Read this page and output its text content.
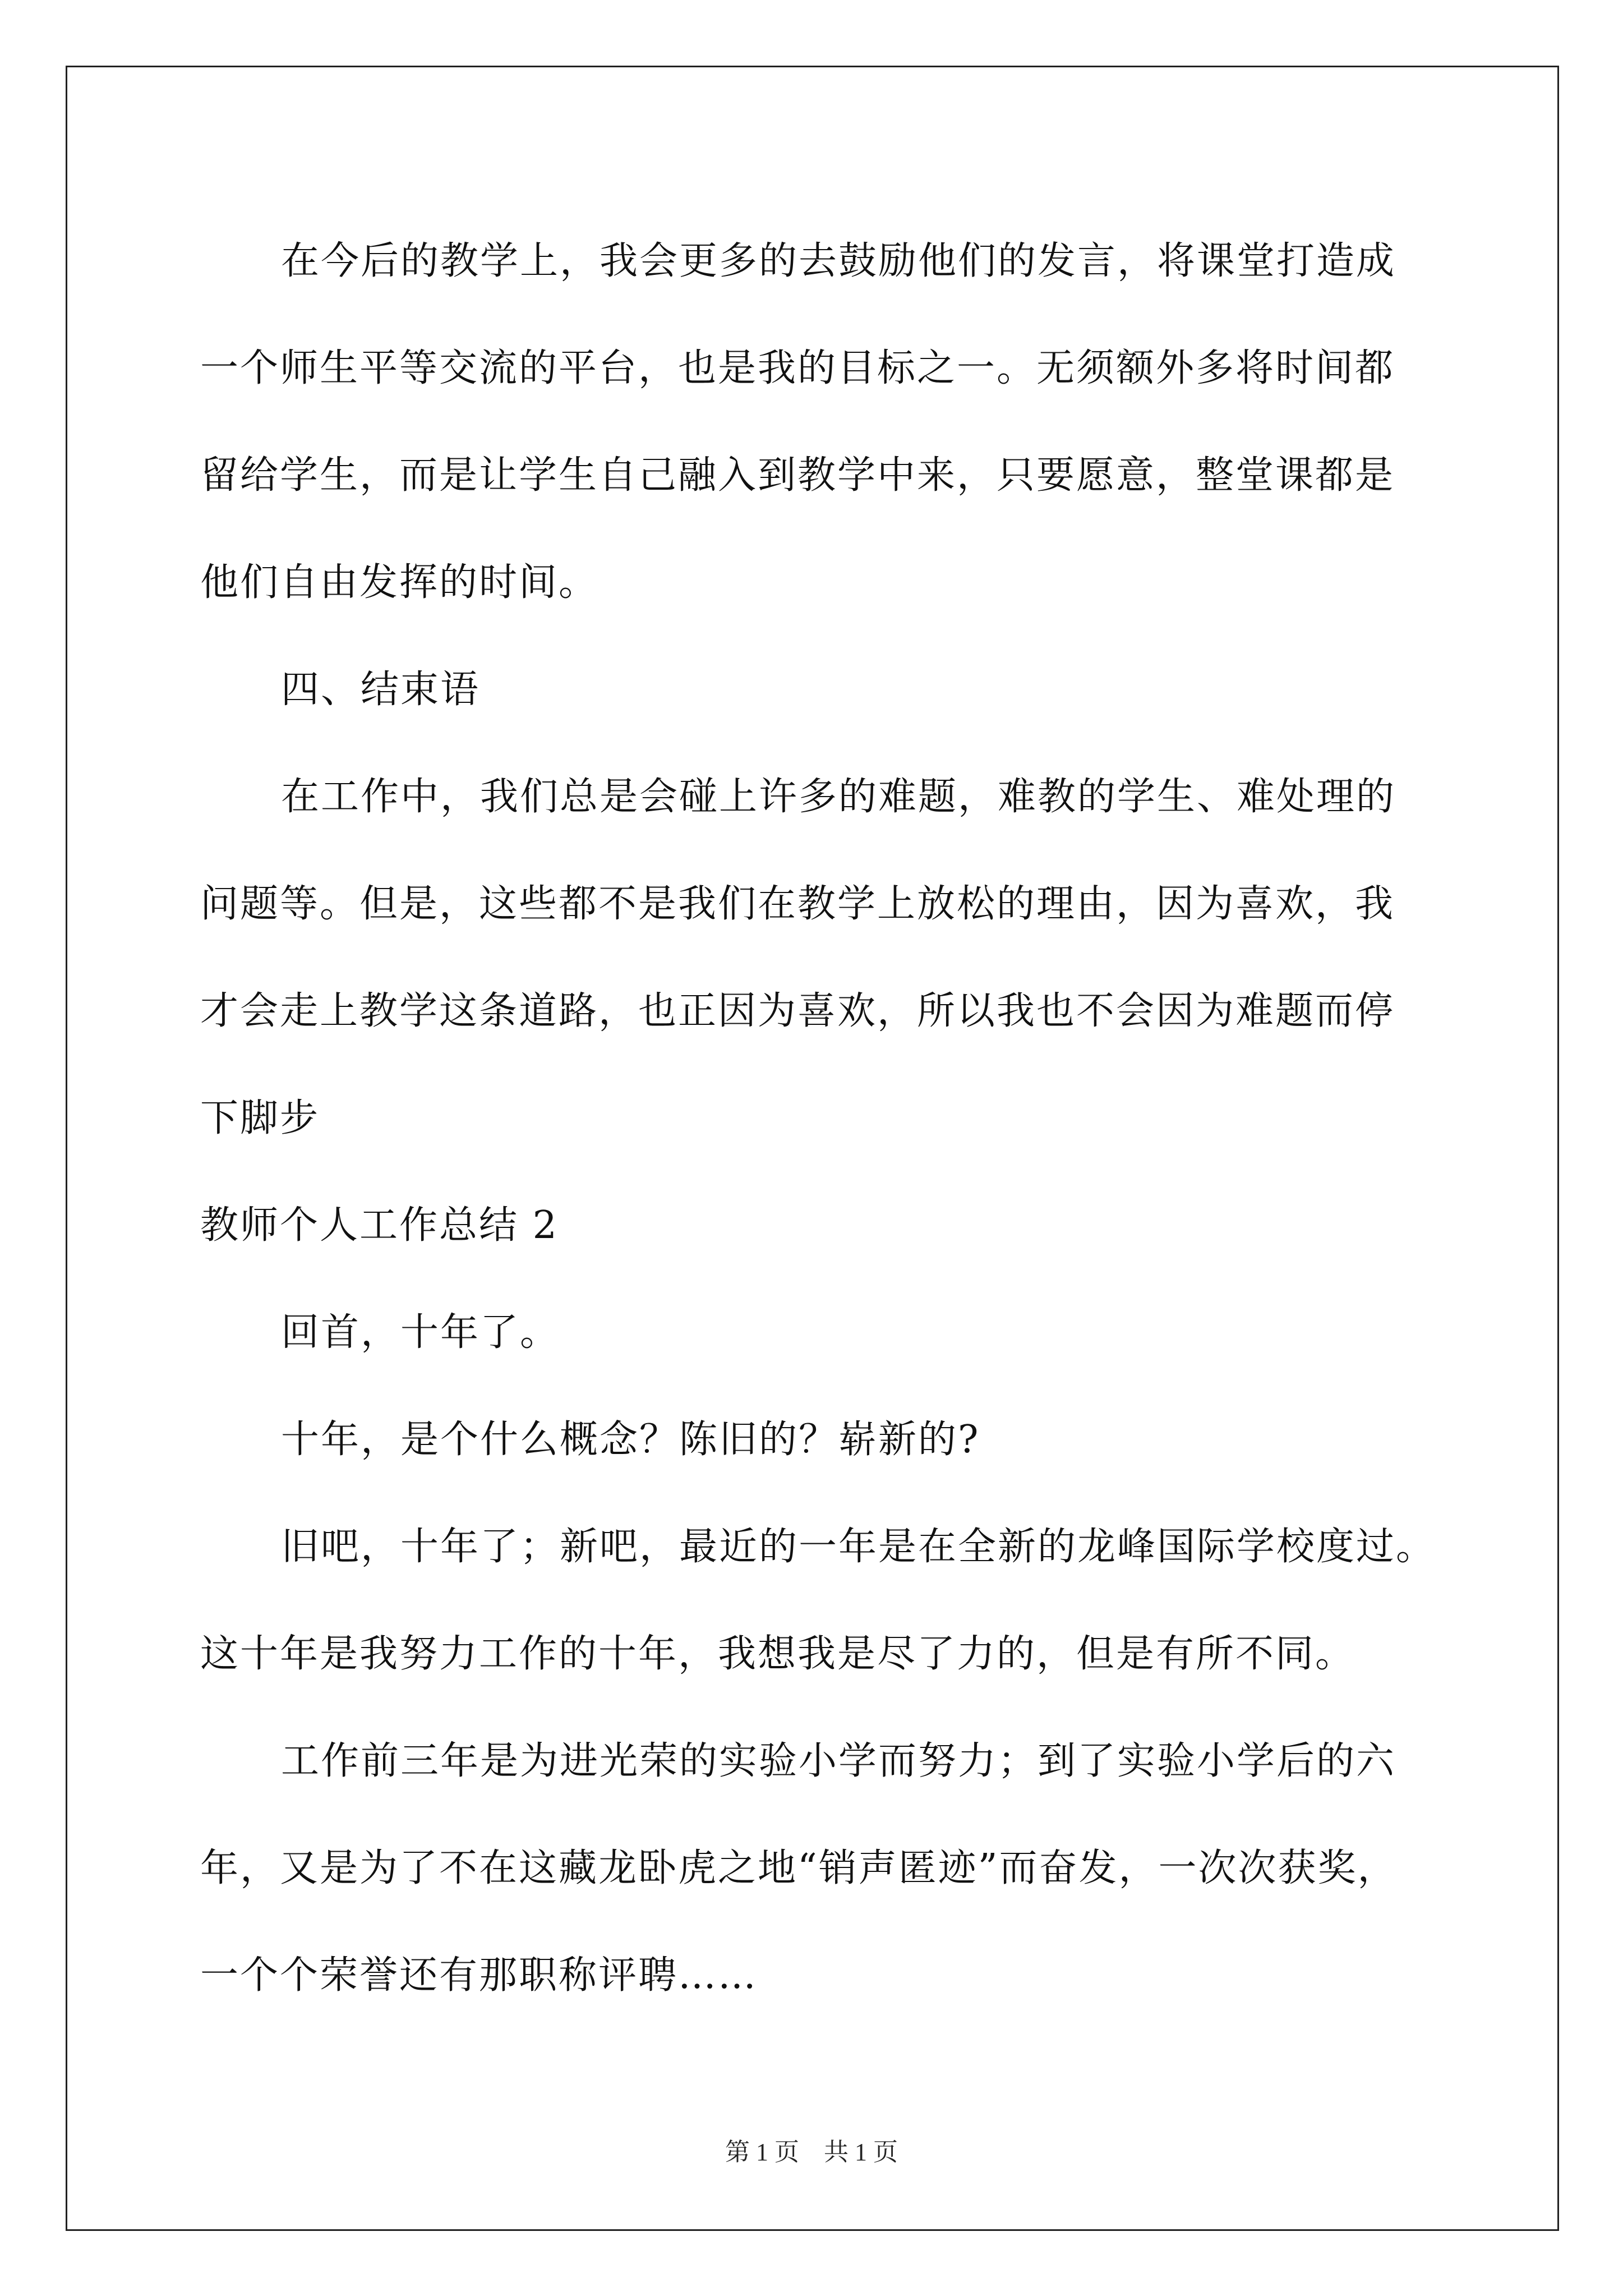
在今后的教学上，我会更多的去鼓励他们的发言，将课堂打造成
一个师生平等交流的平台，也是我的目标之一。无须额外多将时间都
留给学生，而是让学生自己融入到教学中来，只要愿意，整堂课都是
他们自由发挥的时间。
四、结束语
在工作中，我们总是会碰上许多的难题，难教的学生、难处理的
问题等。但是，这些都不是我们在教学上放松的理由，因为喜欢，我
才会走上教学这条道路，也正因为喜欢，所以我也不会因为难题而停
下脚步
教师个人工作总结 2
回首，十年了。
十年，是个什么概念？陈旧的？崭新的?
旧吧，十年了；新吧，最近的一年是在全新的龙峰国际学校度过。
这十年是我努力工作的十年，我想我是尽了力的，但是有所不同。
工作前三年是为进光荣的实验小学而努力；到了实验小学后的六
年，又是为了不在这藏龙卧虎之地“销声匿迹”而奋发，一次次获奖，
一个个荣誉还有那职称评聘……
第 1 页　共 1 页
